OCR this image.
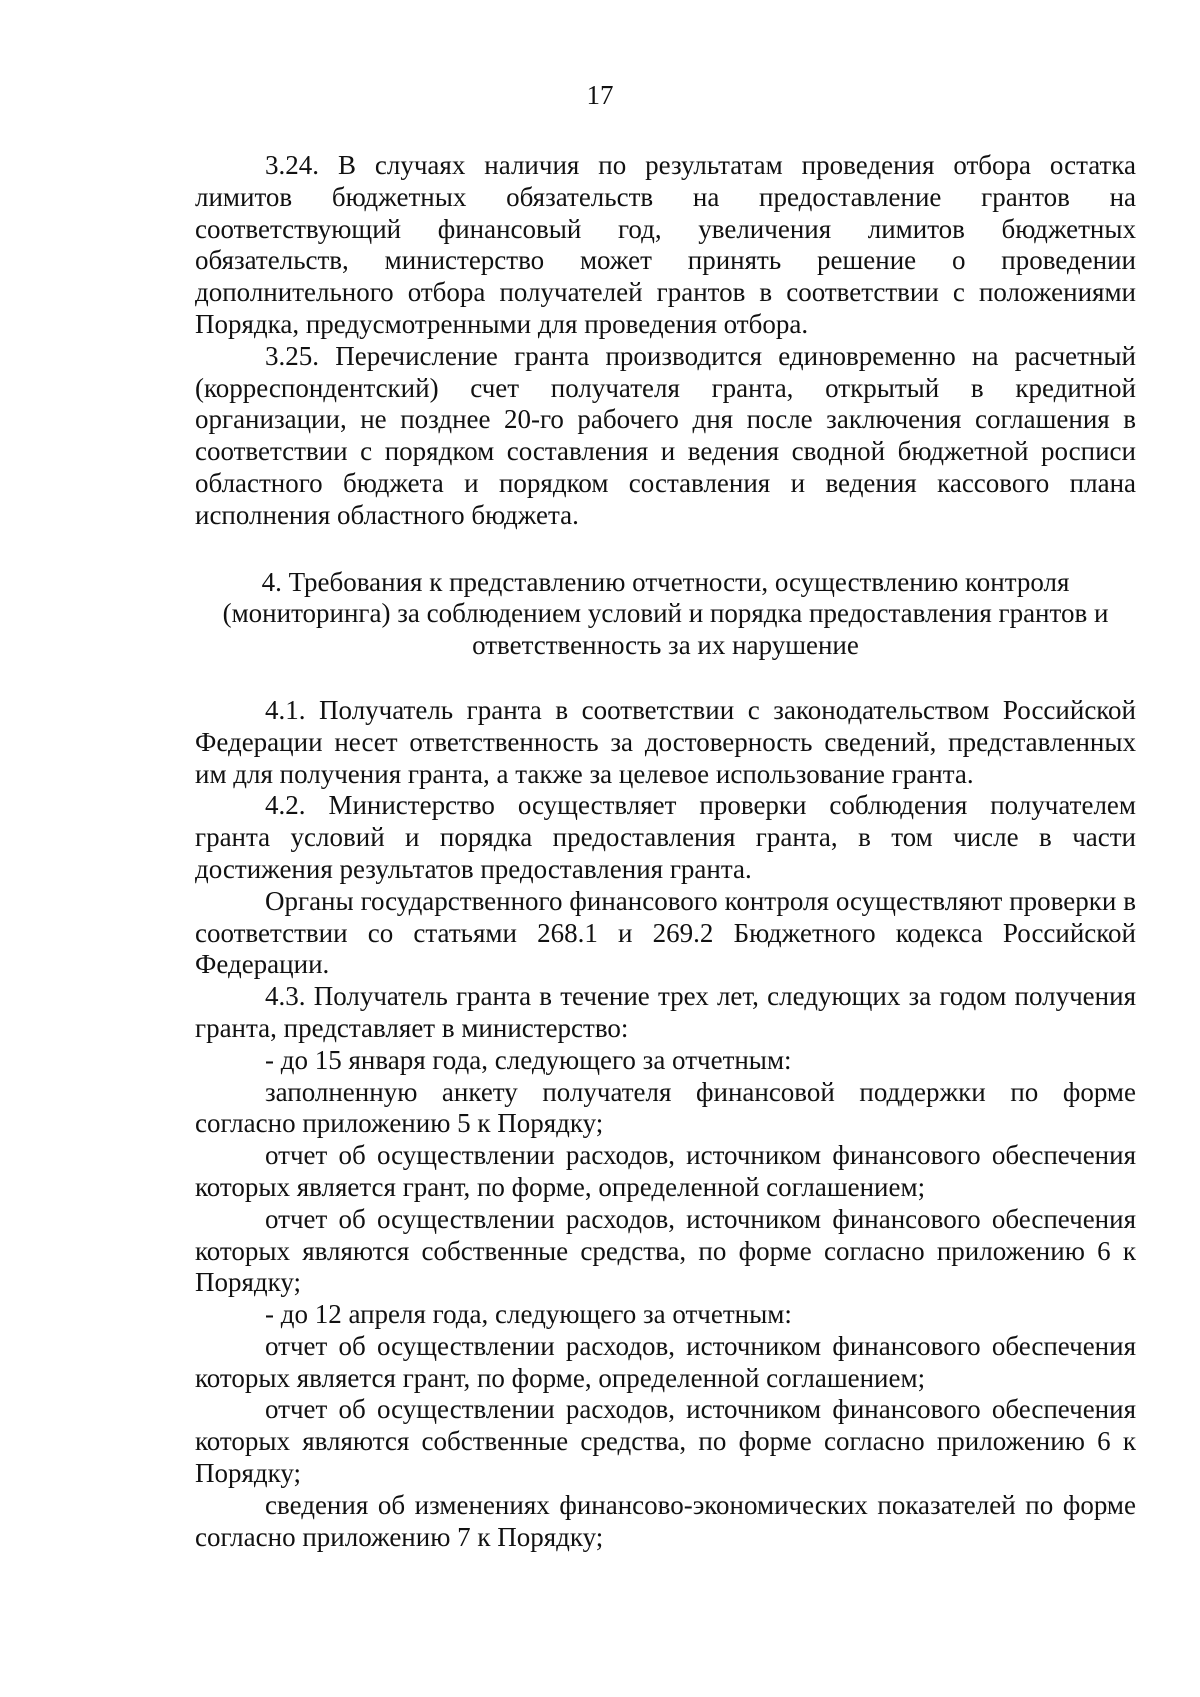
17

3.24. В случаях наличия по результатам проведения отбора остатка лимитов бюджетных обязательств на предоставление грантов на соответствующий финансовый год, увеличения лимитов бюджетных обязательств, министерство может принять решение о проведении дополнительного отбора получателей грантов в соответствии с положениями Порядка, предусмотренными для проведения отбора.

3.25. Перечисление гранта производится единовременно на расчетный (корреспондентский) счет получателя гранта, открытый в кредитной организации, не позднее 20-го рабочего дня после заключения соглашения в соответствии с порядком составления и ведения сводной бюджетной росписи областного бюджета и порядком составления и ведения кассового плана исполнения областного бюджета.

4. Требования к представлению отчетности, осуществлению контроля (мониторинга) за соблюдением условий и порядка предоставления грантов и ответственность за их нарушение

4.1. Получатель гранта в соответствии с законодательством Российской Федерации несет ответственность за достоверность сведений, представленных им для получения гранта, а также за целевое использование гранта.

4.2. Министерство осуществляет проверки соблюдения получателем гранта условий и порядка предоставления гранта, в том числе в части достижения результатов предоставления гранта.

Органы государственного финансового контроля осуществляют проверки в соответствии со статьями 268.1 и 269.2 Бюджетного кодекса Российской Федерации.

4.3. Получатель гранта в течение трех лет, следующих за годом получения гранта, представляет в министерство:

- до 15 января года, следующего за отчетным:

заполненную анкету получателя финансовой поддержки по форме согласно приложению 5 к Порядку;

отчет об осуществлении расходов, источником финансового обеспечения которых является грант, по форме, определенной соглашением;

отчет об осуществлении расходов, источником финансового обеспечения которых являются собственные средства, по форме согласно приложению 6 к Порядку;

- до 12 апреля года, следующего за отчетным:

отчет об осуществлении расходов, источником финансового обеспечения которых является грант, по форме, определенной соглашением;

отчет об осуществлении расходов, источником финансового обеспечения которых являются собственные средства, по форме согласно приложению 6 к Порядку;

сведения об изменениях финансово-экономических показателей по форме согласно приложению 7 к Порядку;
